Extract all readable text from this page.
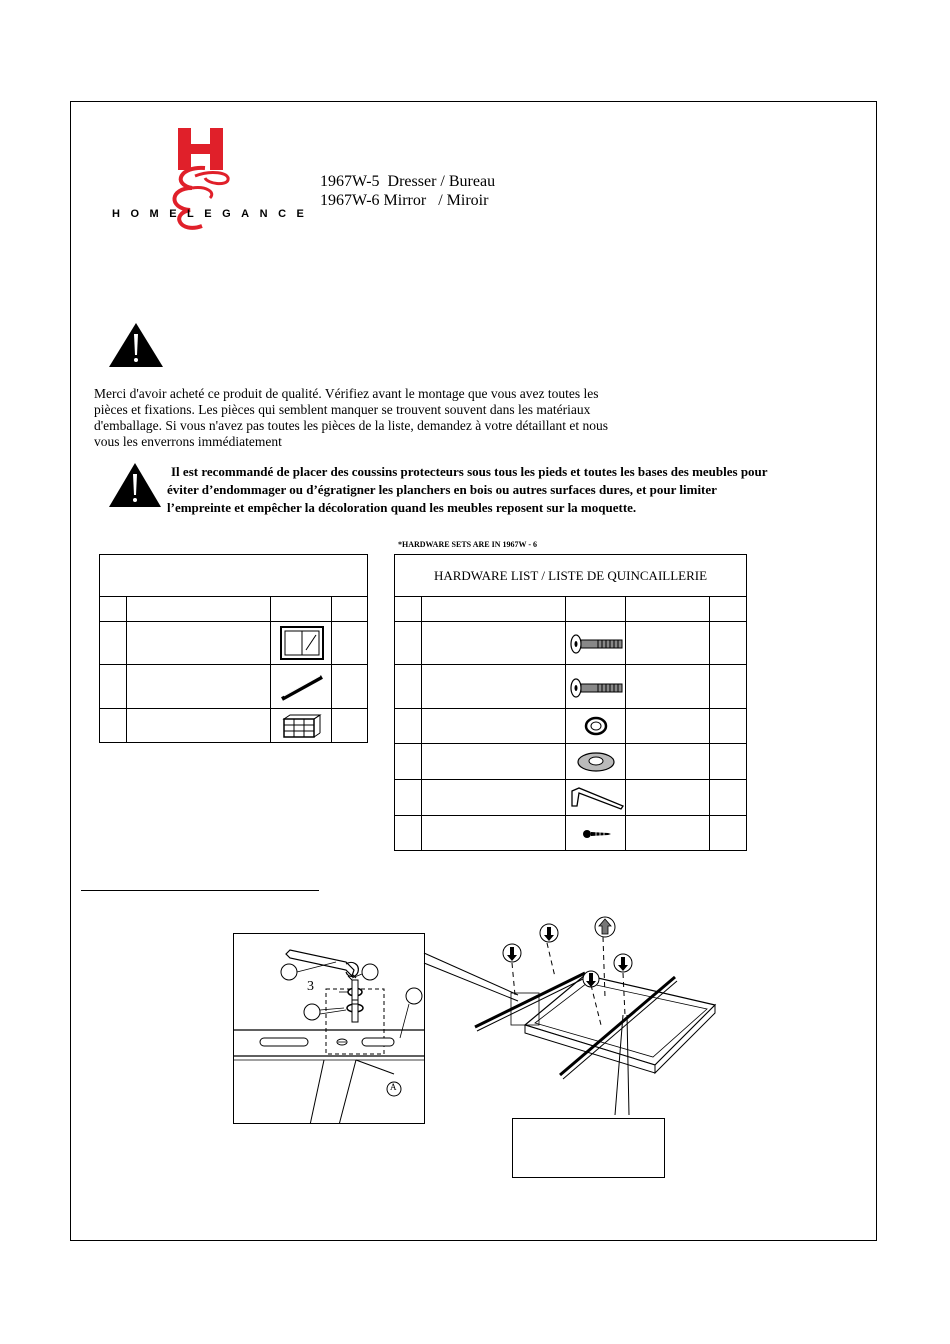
H O M E L E G A N C E
1967W-5  Dresser / Bureau
1967W-6 Mirror   / Miroir
Merci d'avoir acheté ce produit de qualité. Vérifiez avant le montage que vous avez toutes les
pièces et fixations. Les pièces qui semblent manquer se trouvent souvent dans les matériaux
d'emballage. Si vous n'avez pas toutes les pièces de la liste, demandez à votre détaillant et nous
vous les enverrons immédiatement
Il est recommandé de placer des coussins protecteurs sous tous les pieds et toutes les bases des meubles pour
éviter d’endommager ou d’égratigner les planchers en bois ou autres surfaces dures, et pour limiter
l’empreinte et empêcher la décoloration quand les meubles reposent sur la moquette.
*HARDWARE SETS ARE IN 1967W - 6
HARDWARE LIST / LISTE DE QUINCAILLERIE
3
A
